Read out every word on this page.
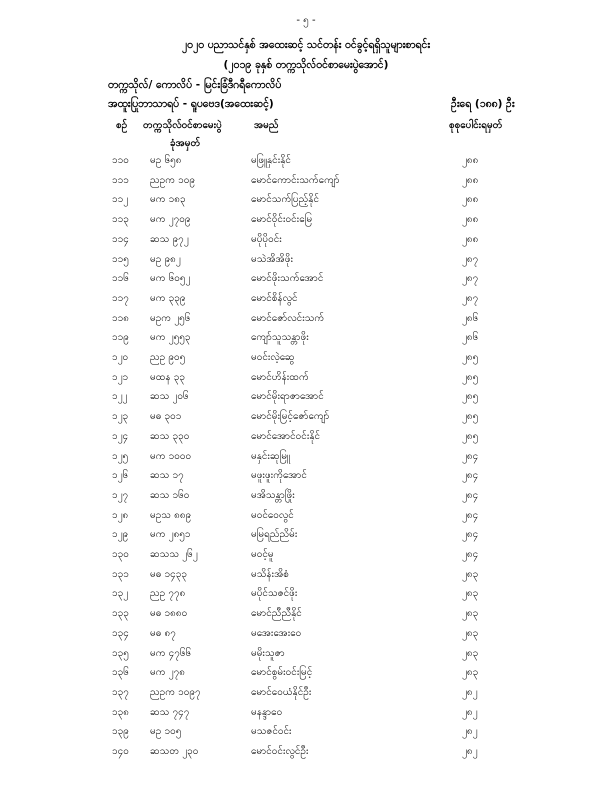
- ၅ -
၂၀၂၀ ပညာသင်နှစ် အထေးဆင့် သင်တန်း ဝင်ခွင့်ရရှိသူများစာရင်း
(၂၀၁၉ ခုနှစ် တက္ကသိုလ်ဝင်စာမေးပွဲအောင်)
တက္ကသိုလ်/ ကောလိပ် - မြင်းခြံဒီဂရီကောလိပ်
အထူးပြုဘာသာရပ် - ရူပဗေဒ(အထေးဆင့်)	ဦးရေ (၁၈၈) ဦး
စဉ် တက္ကသိုလ်ဝင်စာမေးပွဲ
ခုံအမှတ်
အမည်	စုစုပေါင်းရမှတ်
၁၁၀ မဥ ၆၅၈	မဖြူနှင်းနိုင်	၂၈၈
၁၁၁ ညဥက ၁၀၉	မောင်ကောင်းသက်ကျော်	၂၈၈
၁၁၂ မက ၁၈၃	မောင်သက်ပြည့်နိုင်	၂၈၈
၁၁၃ မက ၂၇၀၉	မောင်ဝိုင်းဝင်းမြေ	၂၈၈
၁၁၄ ဆသ ၉၇၂	မပိုပိုဝင်း	၂၈၈
၁၁၅ မဥ ၉၈၂	မသဲအိအိဖိုး	၂၈၇
၁၁၆ မက ၆၀၅၂	မောင်ဖိုးသက်အောင်	၂၈၇
၁၁၇ မက ၃၃၉	မောင်စိန်လွင်	၂၈၇
၁၁၈ မဥက ၂၅၆	မောင်ဇော်လင်းသက်	၂၈၆
၁၁၉ မက ၂၅၅၃	ကျော်သူသန္တာဖိုး	၂၈၆
၁၂၀ ညဥ ၉၀၅	မဝင်းလဲ့ဆွေ	၂၈၅
၁၂၁ မထန ၃၃	မောင်ဟိန်းထက်	၂၈၅
၁၂၂ ဆသ ၂၀၆	မောင်မိုးရာဇာအောင်	၂၈၅
၁၂၃ မဓ ၃၀၁	မောင်မိုးမြင့်ဇော်ကျော်	၂၈၅
၁၂၄ ဆသ ၃၃၀	မောင်အောင်ဝင်းနိုင်	၂၈၅
၁၂၅ မက ၁၀၀၀	မနှင်းဆုမြူ	၂၈၄
၁၂၆ ဆသ ၁၇	မဖူးဖူးကိုအောင်	၂၈၄
၁၂၇ ဆသ ၁၆၀	မအိသန္တာဖြိုး	၂၈၄
၁၂၈ မဥသ ၈၈၉	မဝင်ဝေလွင်	၂၈၄
၁၂၉ မက ၂၈၅၁	မမြရည်ညိမ်း	၂၈၄
၁၃၀ ဆသသ ၂၆၂	မဝင့်မူ	၂၈၄
၁၃၁ မဓ ၁၄၃၃	မသိန်းအိစံ	၂၈၃
၁၃၂ ညဥ ၇၇၈	မပိုင်သဇင်ဖိုး	၂၈၃
၁၃၃ မဓ ၁၈၈၀	မောင်ညီညီနိုင်	၂၈၃
၁၃၄ မဓ ၈၇	မအေးအေးဝေ	၂၈၃
၁၃၅ မက ၄၇၆၆	မမိုးသူဇာ	၂၈၃
၁၃၆ မက ၂၇၈	မောင်စွမ်းဝင်းမြင့်	၂၈၃
၁၃၇ ညဥက ၁၀၉၇	မောင်ဝေယံနိုင်ဦး	၂၈၂
၁၃၈ ဆသ ၇၄၇	မနန္ဒာဝေ	၂၈၂
၁၃၉ မဥ ၁၀၅	မသဇင်ဝင်း	၂၈၂
၁၄၀ ဆသတ ၂၃၀	မောင်ဝင်းလွင်ဦး	၂၈၂
